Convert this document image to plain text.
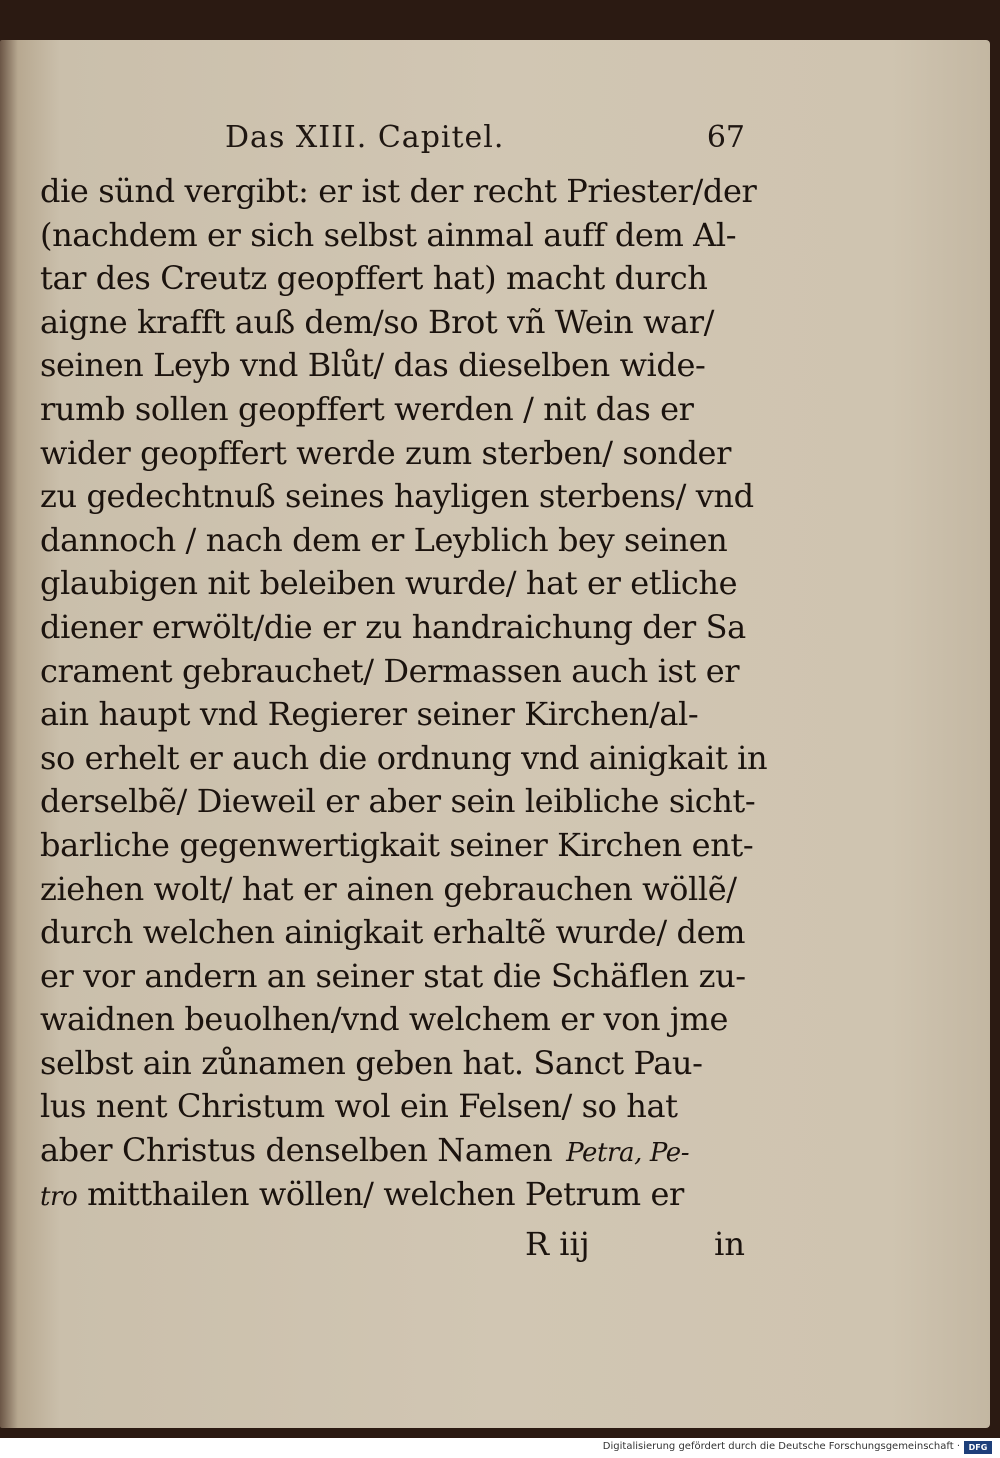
Das XIII. Capitel.	67
die sünd vergibt: er ist der recht Priester/der
(nachdem er sich selbst ainmal auff dem Al-
tar des Creutz geopffert hat) macht durch
aigne krafft auß dem/so Brot vñ Wein war/
seinen Leyb vnd Blůt/ das dieselben wide-
rumb sollen geopffert werden / nit das er
wider geopffert werde zum sterben/ sonder
zu gedechtnuß seines hayligen sterbens/ vnd
dannoch / nach dem er Leyblich bey seinen
glaubigen nit beleiben wurde/ hat er etliche
diener erwölt/die er zu handraichung der Sa
crament gebrauchet/ Dermassen auch ist er
ain haupt vnd Regierer seiner Kirchen/al-
so erhelt er auch die ordnung vnd ainigkait in
derselbẽ/ Dieweil er aber sein leibliche sicht-
barliche gegenwertigkait seiner Kirchen ent-
ziehen wolt/ hat er ainen gebrauchen wöllẽ/
durch welchen ainigkait erhaltẽ wurde/ dem
er vor andern an seiner stat die Schäflen zu-
waidnen beuolhen/vnd welchem er von jme
selbst ain zůnamen geben hat. Sanct Pau-
lus nent Christum wol ein Felsen/ so hat
aber Christus denselben Namen Petra, Pe-
tro mitthailen wöllen/ welchen Petrum er
R iij	in
Digitalisierung gefördert durch die Deutsche Forschungsgemeinschaft ·	DFG
